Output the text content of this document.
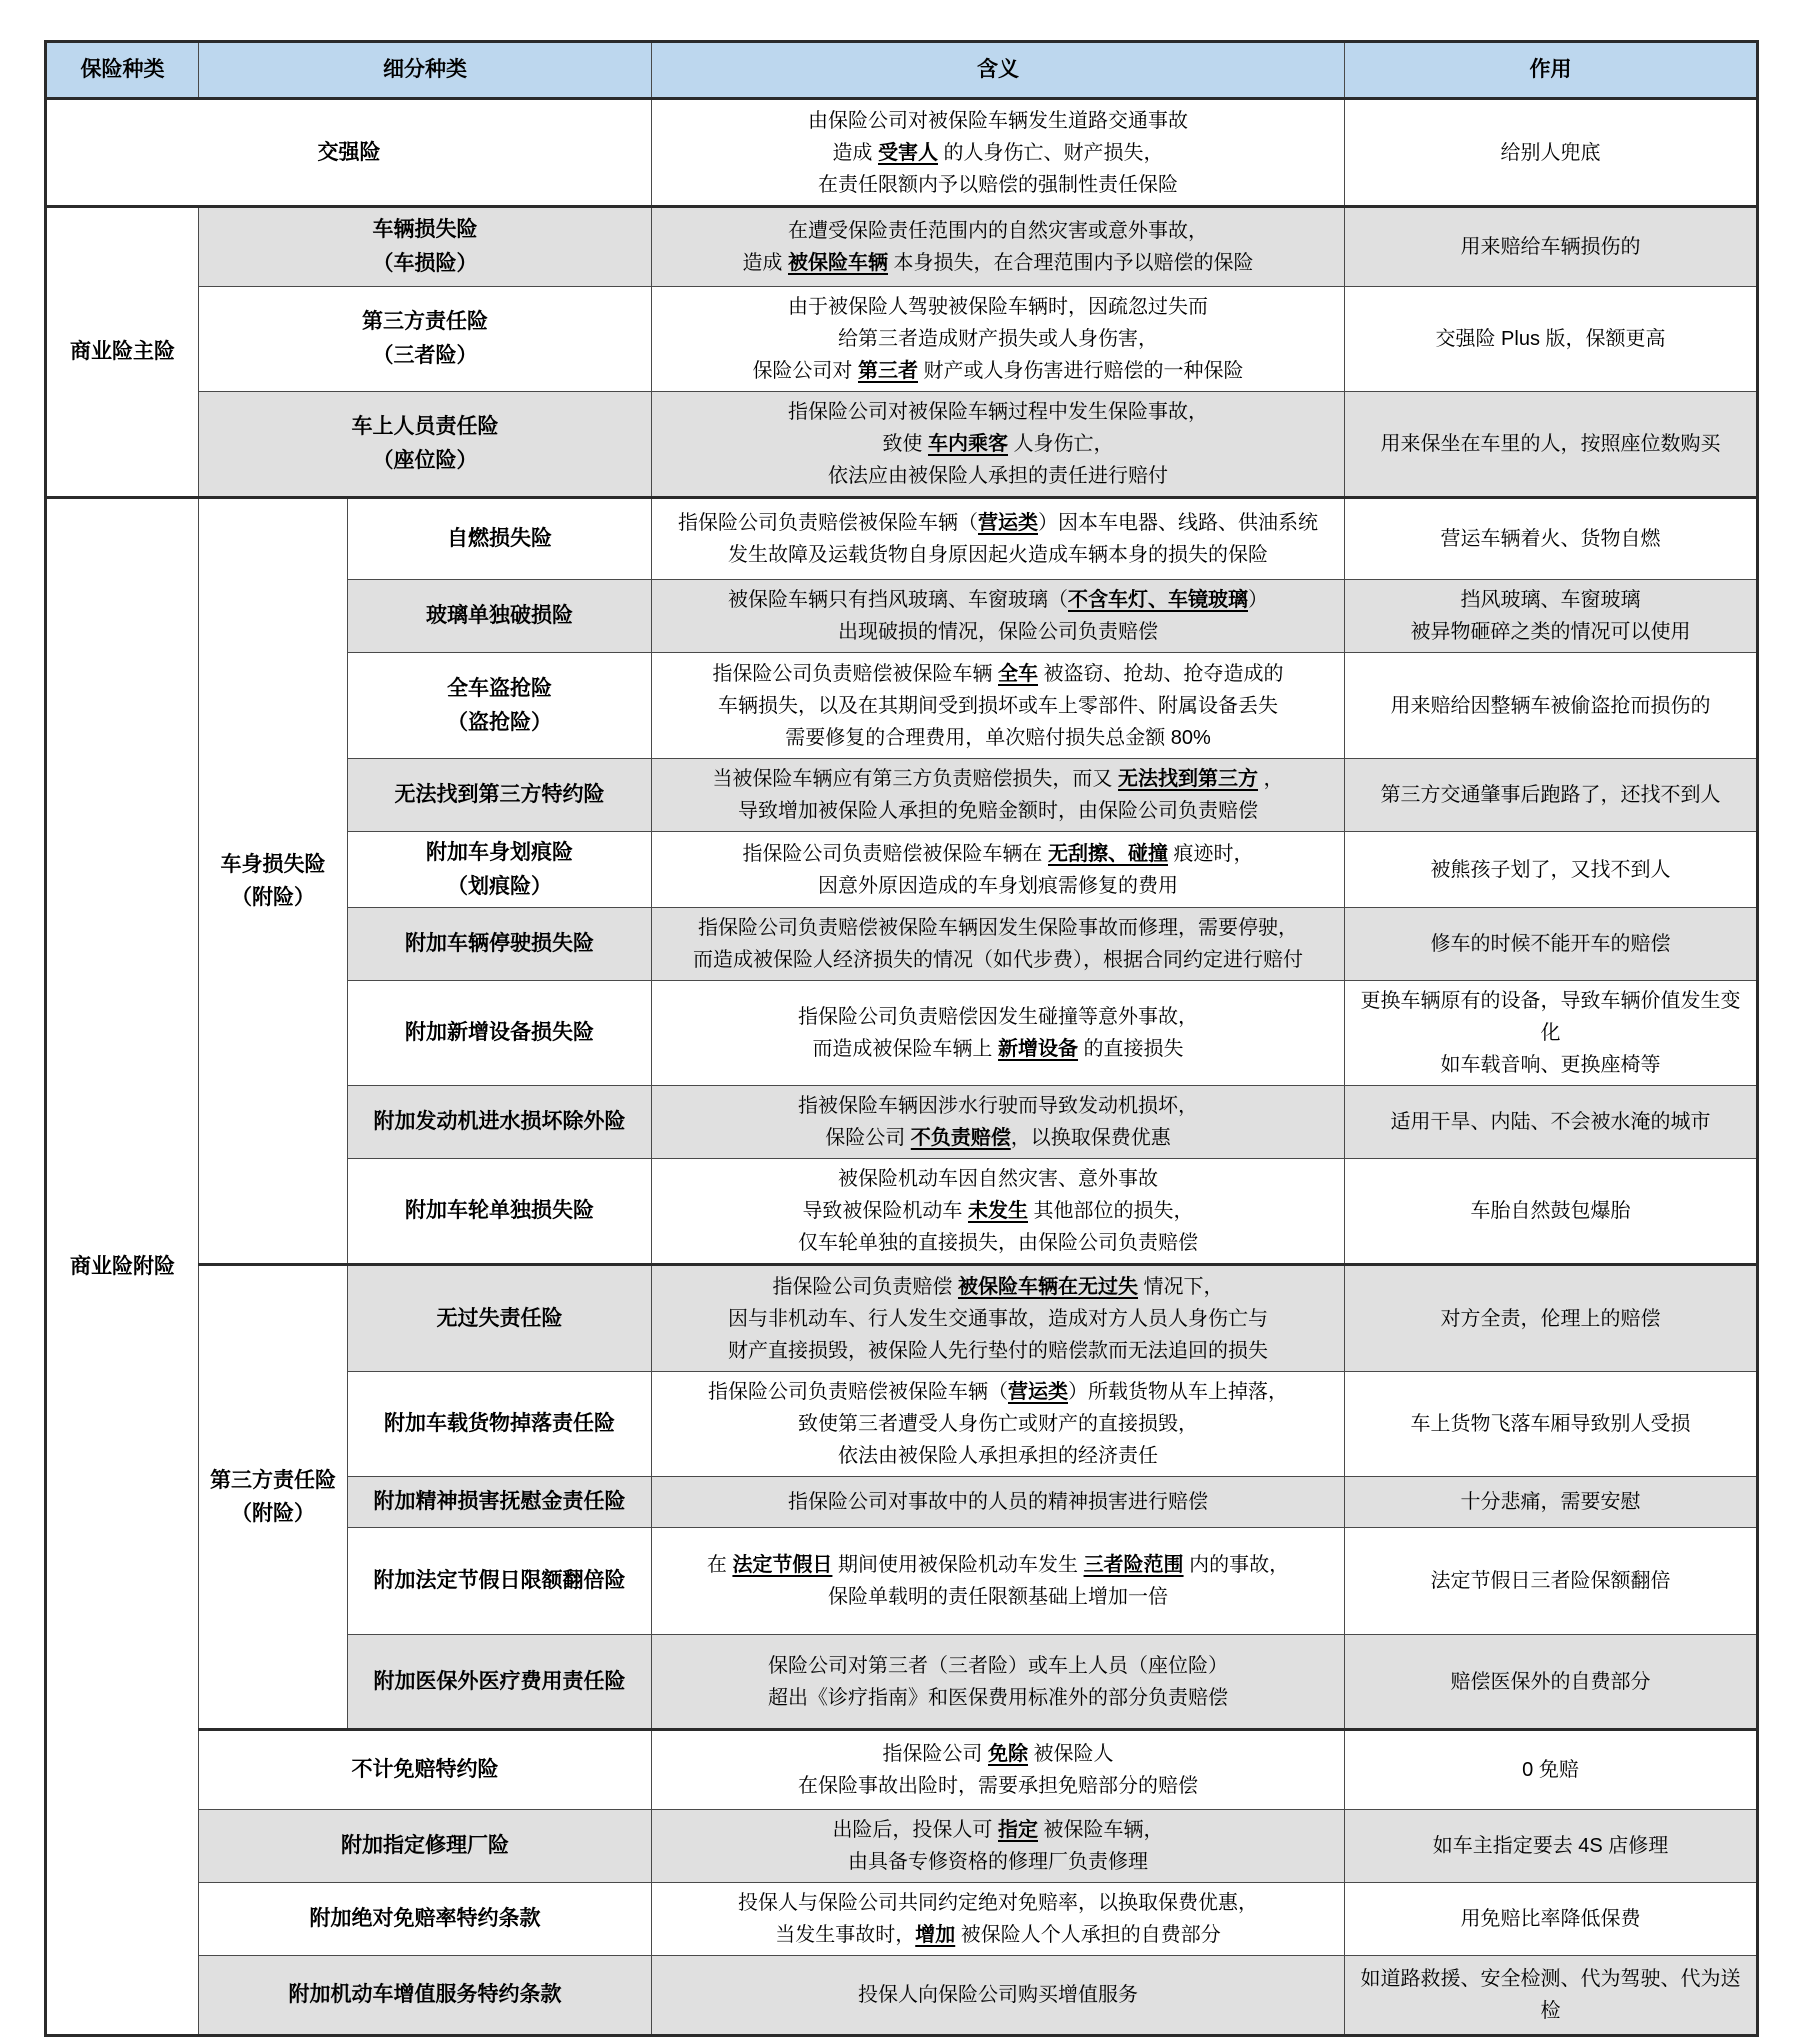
保险种类	细分种类		含义	作用
交强险			由保险公司对被保险车辆发生道路交通事故
造成 受害人 的人身伤亡、财产损失，
在责任限额内予以赔偿的强制性责任保险	给别人兜底
商业险主险	车辆损失险
（车损险）		在遭受保险责任范围内的自然灾害或意外事故，
造成 被保险车辆 本身损失，在合理范围内予以赔偿的保险	用来赔给车辆损伤的
	第三方责任险
（三者险）		由于被保险人驾驶被保险车辆时，因疏忽过失而
给第三者造成财产损失或人身伤害，
保险公司对 第三者 财产或人身伤害进行赔偿的一种保险	交强险 Plus 版，保额更高
	车上人员责任险
（座位险）		指保险公司对被保险车辆过程中发生保险事故，
致使 车内乘客 人身伤亡，
依法应由被保险人承担的责任进行赔付	用来保坐在车里的人，按照座位数购买
商业险附险	车身损失险
（附险）	自燃损失险	指保险公司负责赔偿被保险车辆（营运类）因本车电器、线路、供油系统
发生故障及运载货物自身原因起火造成车辆本身的损失的保险	营运车辆着火、货物自燃
		玻璃单独破损险	被保险车辆只有挡风玻璃、车窗玻璃（不含车灯、车镜玻璃）
出现破损的情况，保险公司负责赔偿	挡风玻璃、车窗玻璃
被异物砸碎之类的情况可以使用
		全车盗抢险
（盗抢险）	指保险公司负责赔偿被保险车辆 全车 被盗窃、抢劫、抢夺造成的
车辆损失，以及在其期间受到损坏或车上零部件、附属设备丢失
需要修复的合理费用，单次赔付损失总金额 80%	用来赔给因整辆车被偷盗抢而损伤的
		无法找到第三方特约险	当被保险车辆应有第三方负责赔偿损失，而又 无法找到第三方 ，
导致增加被保险人承担的免赔金额时，由保险公司负责赔偿	第三方交通肇事后跑路了，还找不到人
		附加车身划痕险
（划痕险）	指保险公司负责赔偿被保险车辆在 无刮擦、碰撞 痕迹时，
因意外原因造成的车身划痕需修复的费用	被熊孩子划了，又找不到人
		附加车辆停驶损失险	指保险公司负责赔偿被保险车辆因发生保险事故而修理，需要停驶，
而造成被保险人经济损失的情况（如代步费），根据合同约定进行赔付	修车的时候不能开车的赔偿
		附加新增设备损失险	指保险公司负责赔偿因发生碰撞等意外事故，
而造成被保险车辆上 新增设备 的直接损失	更换车辆原有的设备，导致车辆价值发生变化
如车载音响、更换座椅等
		附加发动机进水损坏除外险	指被保险车辆因涉水行驶而导致发动机损坏，
保险公司 不负责赔偿，以换取保费优惠	适用干旱、内陆、不会被水淹的城市
		附加车轮单独损失险	被保险机动车因自然灾害、意外事故
导致被保险机动车 未发生 其他部位的损失，
仅车轮单独的直接损失，由保险公司负责赔偿	车胎自然鼓包爆胎
	第三方责任险
（附险）	无过失责任险	指保险公司负责赔偿 被保险车辆在无过失 情况下，
因与非机动车、行人发生交通事故，造成对方人员人身伤亡与
财产直接损毁，被保险人先行垫付的赔偿款而无法追回的损失	对方全责，伦理上的赔偿
		附加车载货物掉落责任险	指保险公司负责赔偿被保险车辆（营运类）所载货物从车上掉落，
致使第三者遭受人身伤亡或财产的直接损毁，
依法由被保险人承担承担的经济责任	车上货物飞落车厢导致别人受损
		附加精神损害抚慰金责任险	指保险公司对事故中的人员的精神损害进行赔偿	十分悲痛，需要安慰
		附加法定节假日限额翻倍险	在 法定节假日 期间使用被保险机动车发生 三者险范围 内的事故，
保险单载明的责任限额基础上增加一倍	法定节假日三者险保额翻倍
		附加医保外医疗费用责任险	保险公司对第三者（三者险）或车上人员（座位险）
超出《诊疗指南》和医保费用标准外的部分负责赔偿	赔偿医保外的自费部分
	不计免赔特约险		指保险公司 免除 被保险人
在保险事故出险时，需要承担免赔部分的赔偿	0 免赔
	附加指定修理厂险		出险后，投保人可 指定 被保险车辆，
由具备专修资格的修理厂负责修理	如车主指定要去 4S 店修理
	附加绝对免赔率特约条款		投保人与保险公司共同约定绝对免赔率，以换取保费优惠，
当发生事故时，增加 被保险人个人承担的自费部分	用免赔比率降低保费
	附加机动车增值服务特约条款		投保人向保险公司购买增值服务	如道路救援、安全检测、代为驾驶、代为送检
